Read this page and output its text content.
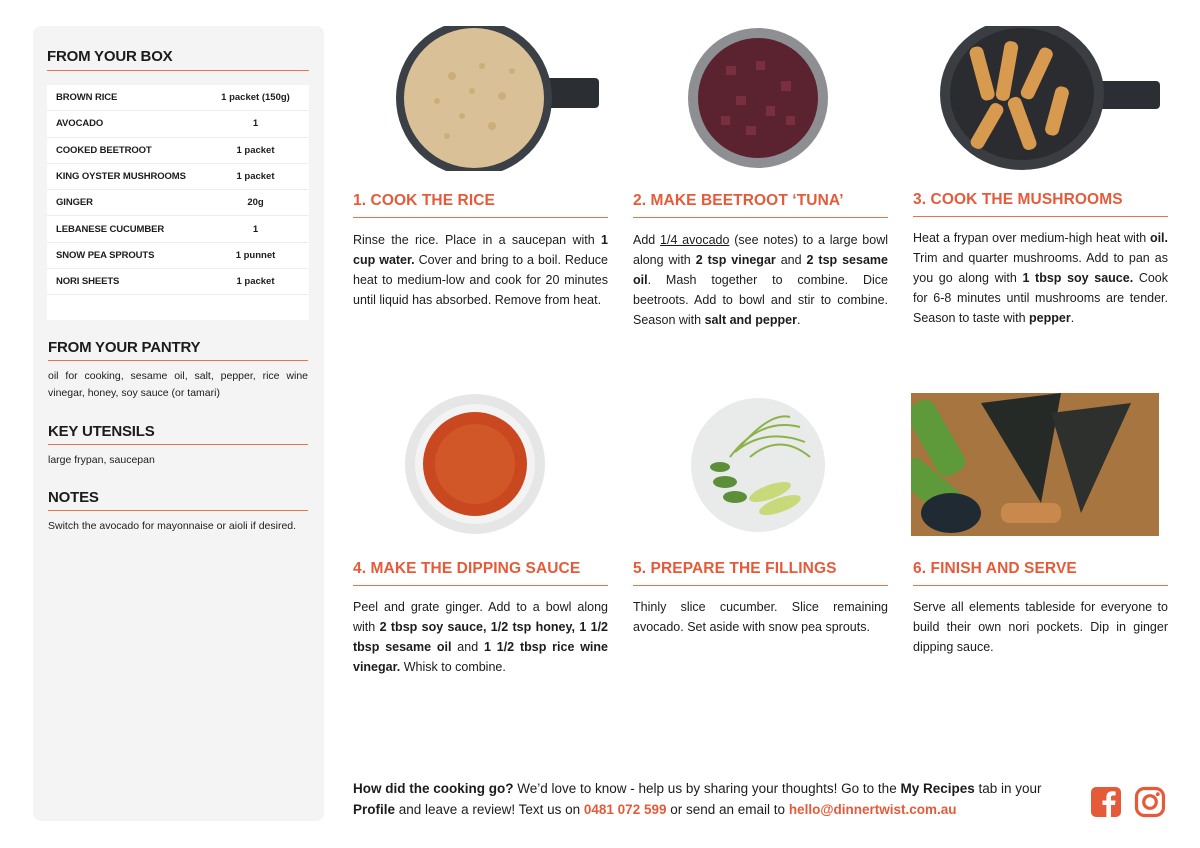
FROM YOUR BOX
BROWN RICE	1 packet (150g)
AVOCADO	1
COOKED BEETROOT	1 packet
KING OYSTER MUSHROOMS	1 packet
GINGER	20g
LEBANESE CUCUMBER	1
SNOW PEA SPROUTS	1 punnet
NORI SHEETS	1 packet
FROM YOUR PANTRY
oil for cooking, sesame oil, salt, pepper, rice wine vinegar, honey, soy sauce (or tamari)
KEY UTENSILS
large frypan, saucepan
NOTES
Switch the avocado for mayonnaise or aioli if desired.
1. COOK THE RICE
Rinse the rice. Place in a saucepan with 1 cup water. Cover and bring to a boil. Reduce heat to medium-low and cook for 20 minutes until liquid has absorbed. Remove from heat.
2. MAKE BEETROOT ‘TUNA’
Add 1/4 avocado (see notes) to a large bowl along with 2 tsp vinegar and 2 tsp sesame oil. Mash together to combine. Dice beetroots. Add to bowl and stir to combine. Season with salt and pepper.
3. COOK THE MUSHROOMS
Heat a frypan over medium-high heat with oil. Trim and quarter mushrooms. Add to pan as you go along with 1 tbsp soy sauce. Cook for 6-8 minutes until mushrooms are tender. Season to taste with pepper.
4. MAKE THE DIPPING SAUCE
Peel and grate ginger. Add to a bowl along with 2 tbsp soy sauce, 1/2 tsp honey, 1 1/2 tbsp sesame oil and 1 1/2 tbsp rice wine vinegar. Whisk to combine.
5. PREPARE THE FILLINGS
Thinly slice cucumber. Slice remaining avocado. Set aside with snow pea sprouts.
6. FINISH AND SERVE
Serve all elements tableside for everyone to build their own nori pockets. Dip in ginger dipping sauce.
How did the cooking go? We’d love to know - help us by sharing your thoughts! Go to the My Recipes tab in your Profile and leave a review! Text us on 0481 072 599 or send an email to hello@dinnertwist.com.au
